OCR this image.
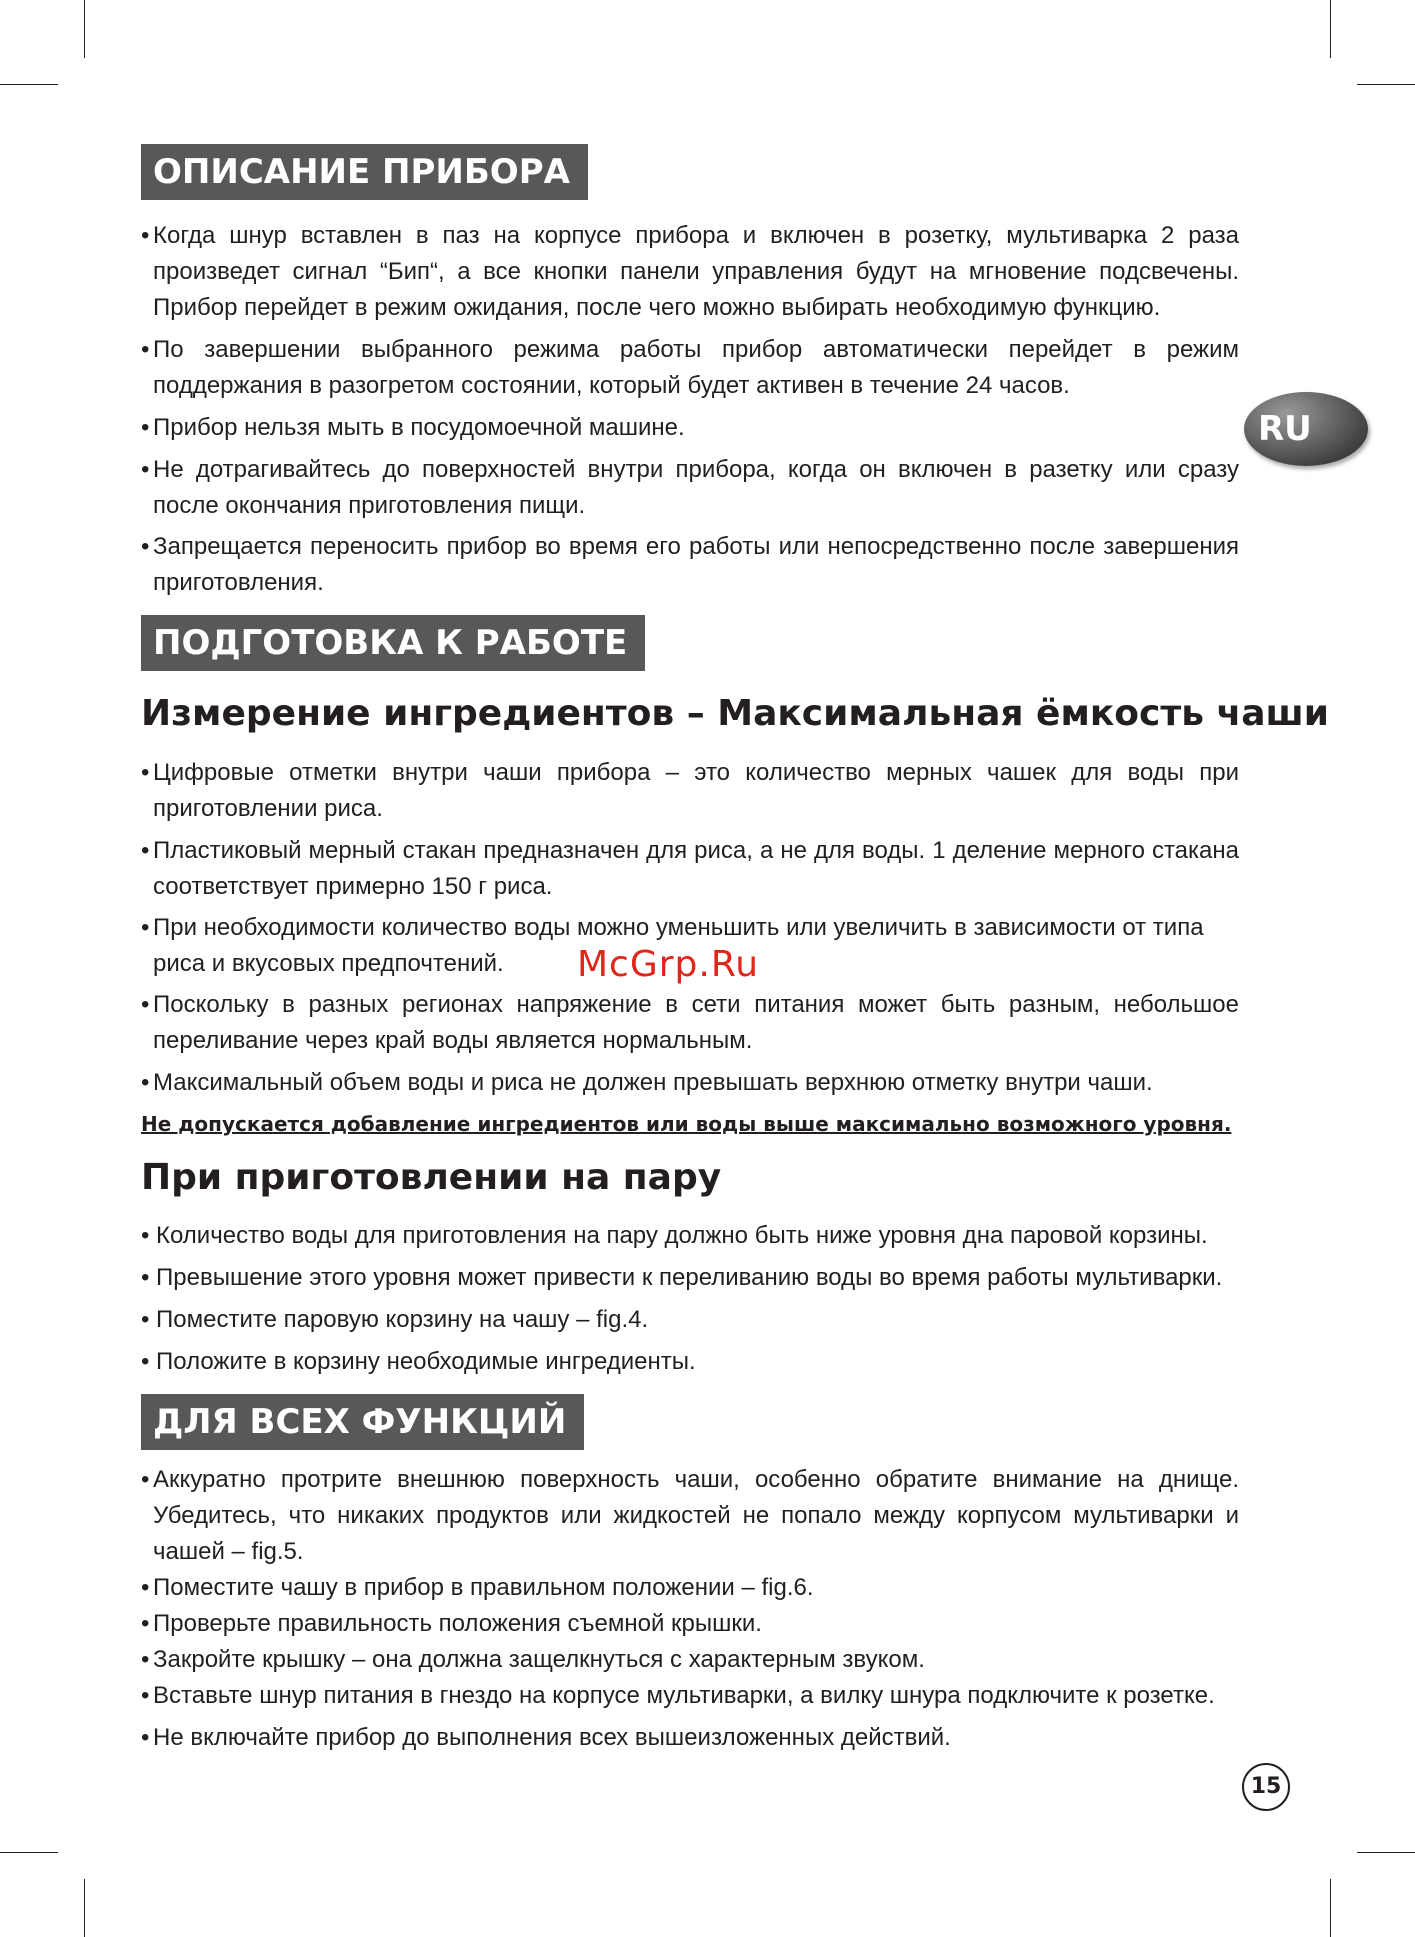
RU
ОПИСАНИЕ ПРИБОРА
• Когда шнур вставлен в паз на корпусе прибора и включен в розетку, мультиварка 2 раза произведет сигнал “Бип“, а все кнопки панели управления будут на мгновение подсвечены. Прибор перейдет в режим ожидания, после чего можно выбирать необходимую функцию.
• По завершении выбранного режима работы прибор автоматически перейдет в режим поддержания в разогретом состоянии, который будет активен в течение 24 часов.
• Прибор нельзя мыть в посудомоечной машине.
• Не дотрагивайтесь до поверхностей внутри прибора, когда он включен в разетку или сразу после окончания приготовления пищи.
• Запрещается переносить прибор во время его работы или непосредственно после завершения приготовления.
ПОДГОТОВКА К РАБОТЕ
Измерение ингредиентов – Максимальная ёмкость чаши
• Цифровые отметки внутри чаши прибора – это количество мерных чашек для воды при приготовлении риса.
• Пластиковый мерный стакан предназначен для риса, а не для воды. 1 деление мерного стакана соответствует примерно 150 г риса.
• При необходимости количество воды можно уменьшить или увеличить в зависимости от типа риса и вкусовых предпочтений.
• Поскольку в разных регионах напряжение в сети питания может быть разным, небольшое переливание через край воды является нормальным.
• Максимальный объем воды и риса не должен превышать верхнюю отметку внутри чаши.
Не допускается добавление ингредиентов или воды выше максимально возможного уровня.
При приготовлении на пару
• Количество воды для приготовления на пару должно быть ниже уровня дна паровой корзины.
• Превышение этого уровня может привести к переливанию воды во время работы мультиварки.
• Поместите паровую корзину на чашу – fig.4.
• Положите в корзину необходимые ингредиенты.
ДЛЯ ВСЕХ ФУНКЦИЙ
• Аккуратно протрите внешнюю поверхность чаши, особенно обратите внимание на днище. Убедитесь, что никаких продуктов или жидкостей не попало между корпусом мультиварки и чашей – fig.5.
• Поместите чашу в прибор в правильном положении – fig.6.
• Проверьте правильность положения съемной крышки.
• Закройте крышку – она должна защелкнуться с характерным звуком.
• Вставьте шнур питания в гнездо на корпусе мультиварки, а вилку шнура подключите к розетке.
• Не включайте прибор до выполнения всех вышеизложенных действий.
McGrp.Ru
15
